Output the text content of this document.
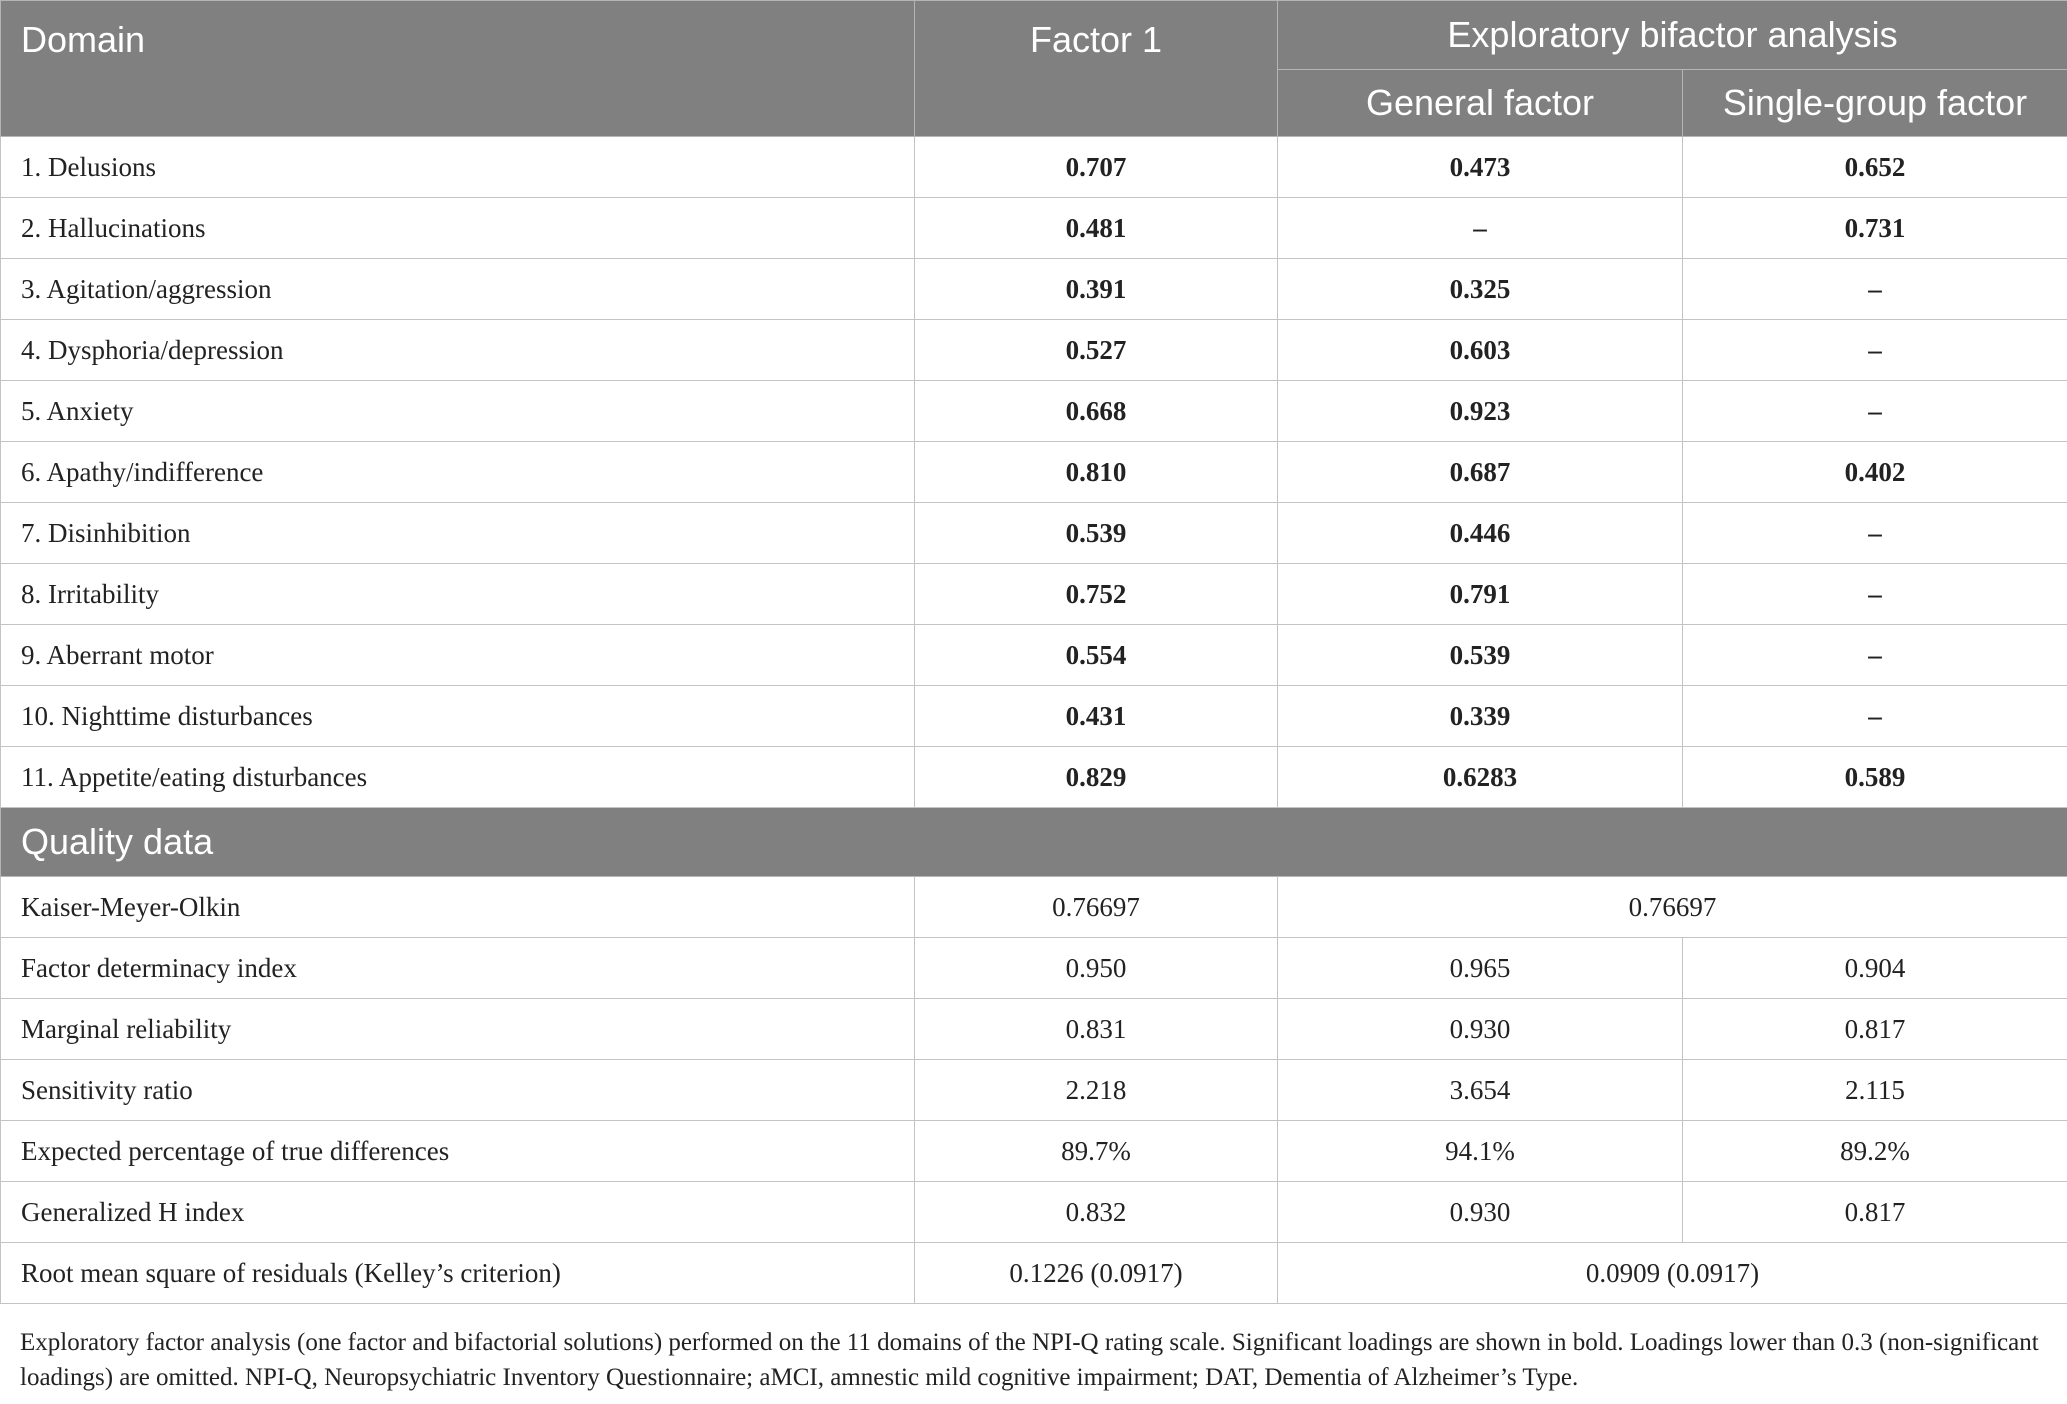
Domain	Factor 1	Exploratory bifactor analysis	
		General factor	Single-group factor
1. Delusions	0.707	0.473	0.652
2. Hallucinations	0.481	–	0.731
3. Agitation/aggression	0.391	0.325	–
4. Dysphoria/depression	0.527	0.603	–
5. Anxiety	0.668	0.923	–
6. Apathy/indifference	0.810	0.687	0.402
7. Disinhibition	0.539	0.446	–
8. Irritability	0.752	0.791	–
9. Aberrant motor	0.554	0.539	–
10. Nighttime disturbances	0.431	0.339	–
11. Appetite/eating disturbances	0.829	0.6283	0.589
Quality data			
Kaiser-Meyer-Olkin	0.76697	0.76697	
Factor determinacy index	0.950	0.965	0.904
Marginal reliability	0.831	0.930	0.817
Sensitivity ratio	2.218	3.654	2.115
Expected percentage of true differences	89.7%	94.1%	89.2%
Generalized H index	0.832	0.930	0.817
Root mean square of residuals (Kelley’s criterion)	0.1226 (0.0917)	0.0909 (0.0917)	
Exploratory factor analysis (one factor and bifactorial solutions) performed on the 11 domains of the NPI-Q rating scale. Significant loadings are shown in bold. Loadings lower than 0.3 (non-significant loadings) are omitted. NPI-Q, Neuropsychiatric Inventory Questionnaire; aMCI, amnestic mild cognitive impairment; DAT, Dementia of Alzheimer’s Type.
